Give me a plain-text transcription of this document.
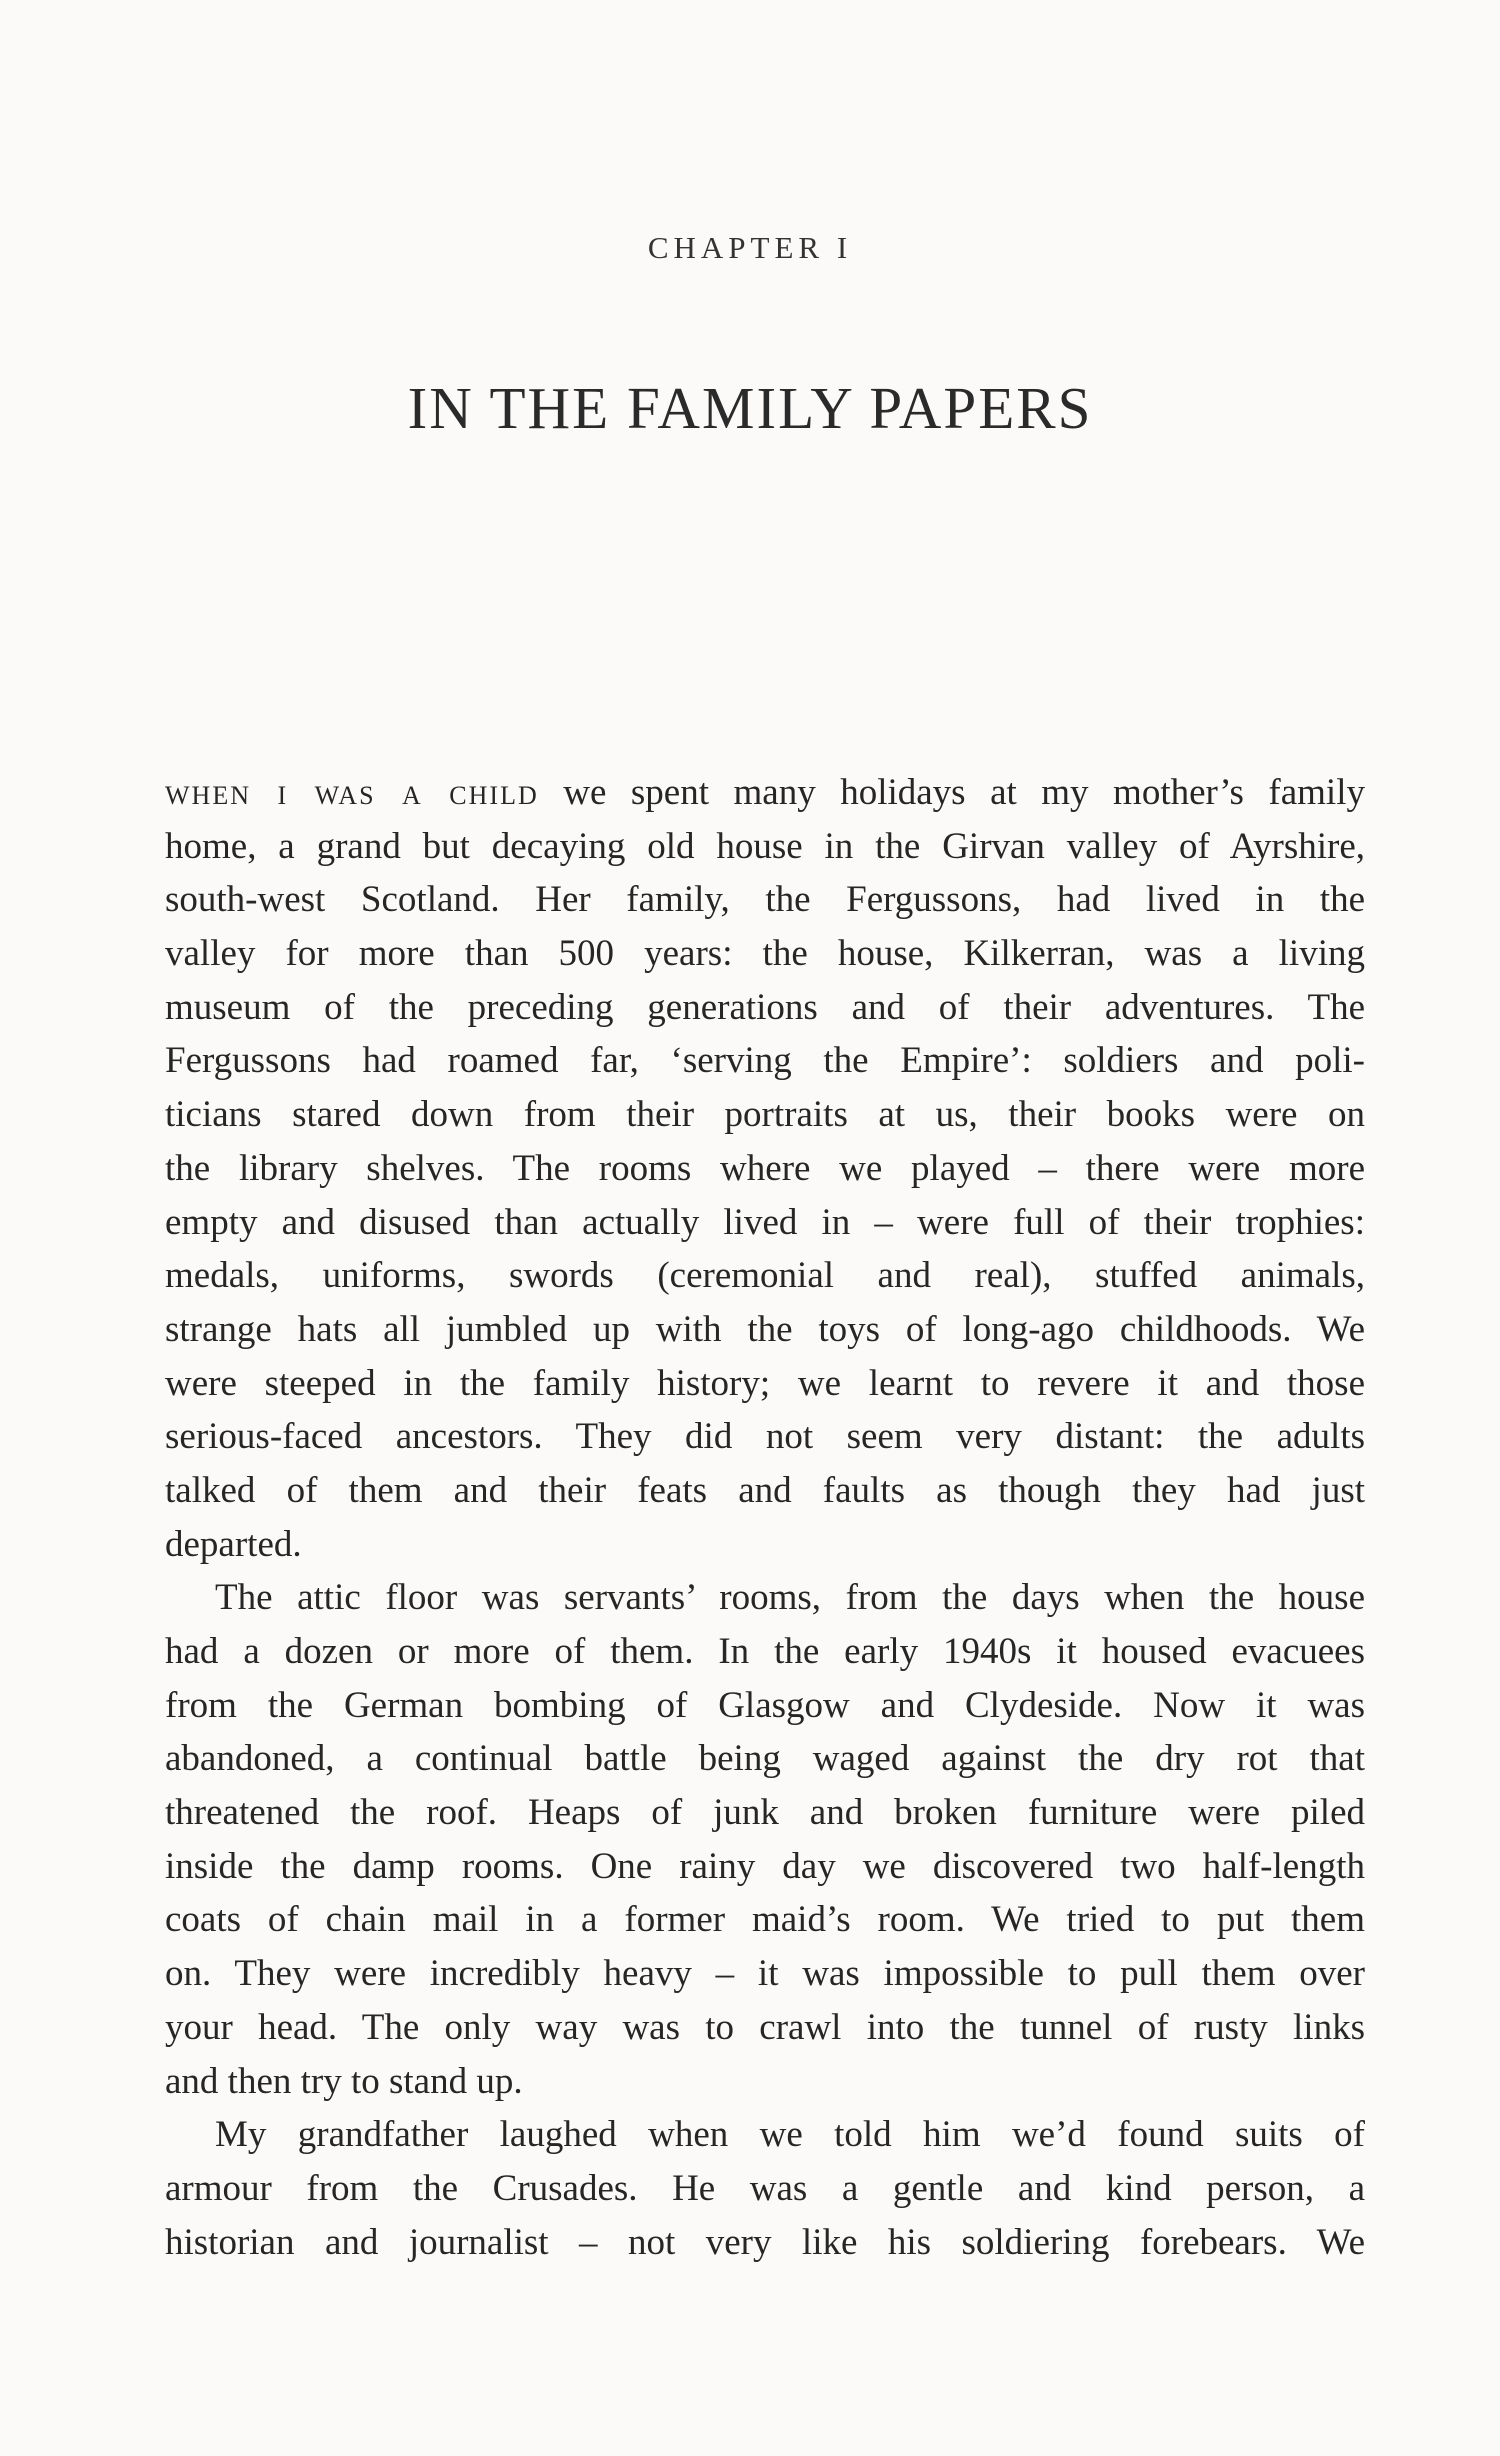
CHAPTER I
IN THE FAMILY PAPERS
when i was a child we spent many holidays at my mother’s family
home, a grand but decaying old house in the Girvan valley of Ayrshire,
south-west Scotland. Her family, the Fergussons, had lived in the
valley for more than 500 years: the house, Kilkerran, was a living
museum of the preceding generations and of their adventures. The
Fergussons had roamed far, ‘serving the Empire’: soldiers and poli-
ticians stared down from their portraits at us, their books were on
the library shelves. The rooms where we played – there were more
empty and disused than actually lived in – were full of their trophies:
medals, uniforms, swords (ceremonial and real), stuffed animals,
strange hats all jumbled up with the toys of long-ago childhoods. We
were steeped in the family history; we learnt to revere it and those
serious-faced ancestors. They did not seem very distant: the adults
talked of them and their feats and faults as though they had just
departed.
The attic floor was servants’ rooms, from the days when the house
had a dozen or more of them. In the early 1940s it housed evacuees
from the German bombing of Glasgow and Clydeside. Now it was
abandoned, a continual battle being waged against the dry rot that
threatened the roof. Heaps of junk and broken furniture were piled
inside the damp rooms. One rainy day we discovered two half-length
coats of chain mail in a former maid’s room. We tried to put them
on. They were incredibly heavy – it was impossible to pull them over
your head. The only way was to crawl into the tunnel of rusty links
and then try to stand up.
My grandfather laughed when we told him we’d found suits of
armour from the Crusades. He was a gentle and kind person, a
historian and journalist – not very like his soldiering forebears. We
